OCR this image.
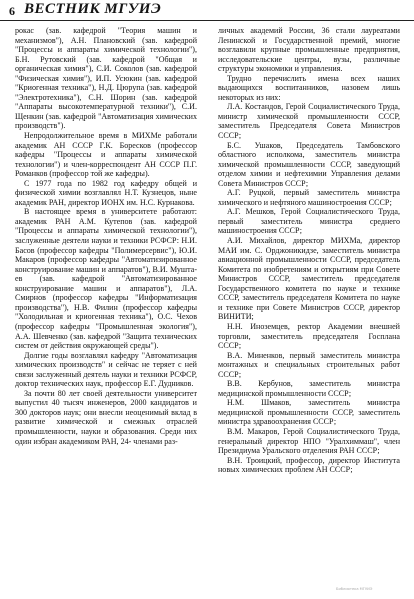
6 ВЕСТНИК МГУИЭ

рокас (зав. кафедрой "Теория машин и механизмов"), А.Н. Плановский (зав. кафедрой "Процессы и аппараты химической технологии"), Б.Н. Рутовский (зав. кафедрой "Общая и органическая химия"), С.И. Соколов (зав. кафедрой "Физическая химия"), И.П. Усюкин (зав. кафедрой "Криогенная техника"), Н.Д. Цюрупа (зав. кафедрой "Электротехника"), С.Н. Шорин (зав. кафедрой "Аппараты высокотемпературной техники"), С.И. Щенкин (зав. кафедрой "Автоматизация химических производств").

Непродолжительное время в МИХМе работали академик АН СССР Г.К. Боресков (профессор кафедры "Процессы и аппараты химической технологии") и член-корреспондент АН СССР П.Г. Романков (профессор той же кафедры).

С 1977 года по 1982 год кафедру общей и физической химии возглавлял Н.Т. Кузнецов, ныне академик РАН, директор ИОНХ им. Н.С. Курнакова.

В настоящее время в университете работают: академик РАН А.М. Кутепов (зав. кафедрой "Процессы и аппараты химической технологии"), заслуженные деятели науки и техники РСФСР: Н.И. Басов (профессор кафедры "Полимерсервис"), Ю.И. Макаров (профессор кафедры "Автоматизированное конструирование машин и аппаратов"), В.И. Муштаев (зав. кафедрой "Автоматизированное конструирование машин и аппаратов"), Л.А. Смирнов (профессор кафедры "Информатизация производства"), Н.В. Филин (профессор кафедры "Холодильная и криогенная техника"), О.С. Чехов (профессор кафедры "Промышленная экология"), А.А. Шевченко (зав. кафедрой "Защита технических систем от действия окружающей среды").

Долгие годы возглавлял кафедру "Автоматизация химических производств" и сейчас не теряет с ней связи заслуженный деятель науки и техники РСФСР, доктор технических наук, профессор Е.Г. Дудников.

За почти 80 лет своей деятельности университет выпустил 40 тысяч инженеров, 2000 кандидатов и 300 докторов наук; они внесли неоценимый вклад в развитие химической и смежных отраслей промышленности, науки и образования. Среди них один избран академиком РАН, 24- членами раз-

личных академий России, 36 стали лауреатами Ленинской и Государственной премий, многие возглавили крупные промышленные предприятия, исследовательские центры, вузы, различные структуры экономики и управления.

Трудно перечислить имена всех наших выдающихся воспитанников, назовем лишь некоторых из них:

Л.А. Костандов, Герой Социалистического Труда, министр химической промышленности СССР, заместитель Председателя Совета Министров СССР;

Б.С. Ушаков, Председатель Тамбовского областного исполкома, заместитель министра химической промышленности СССР, заведующий отделом химии и нефтехимии Управления делами Совета Министров СССР;

А.Г. Руцкой, первый заместитель министра химического и нефтяного машиностроения СССР;

А.Г. Мешков, Герой Социалистического Труда, первый заместитель министра среднего машиностроения СССР;

А.И. Михайлов, директор МИХМа, директор МАИ им. С. Орджоникидзе, заместитель министра авиационной промышленности СССР, председатель Комитета по изобретениям и открытиям при Совете Министров СССР, заместитель председателя Государственного комитета по науке и технике СССР, заместитель председателя Комитета по науке и технике при Совете Министров СССР, директор ВИНИТИ;

Н.Н. Иноземцев, ректор Академии внешней торговли, заместитель председателя Госплана СССР;

В.А. Миненков, первый заместитель министра монтажных и специальных строительных работ СССР;

В.В. Кербунов, заместитель министра медицинской промышленности СССР;

Н.М. Шмаков, заместитель министра медицинской промышленности СССР, заместитель министра здравоохранения СССР;

В.М. Макаров, Герой Социалистического Труда, генеральный директор НПО "Уралхиммаш", член Президиума Уральского отделения РАН СССР;

В.Н. Троицкий, профессор, директор Института новых химических проблем АН СССР;

Библиотека МГУИЭ
